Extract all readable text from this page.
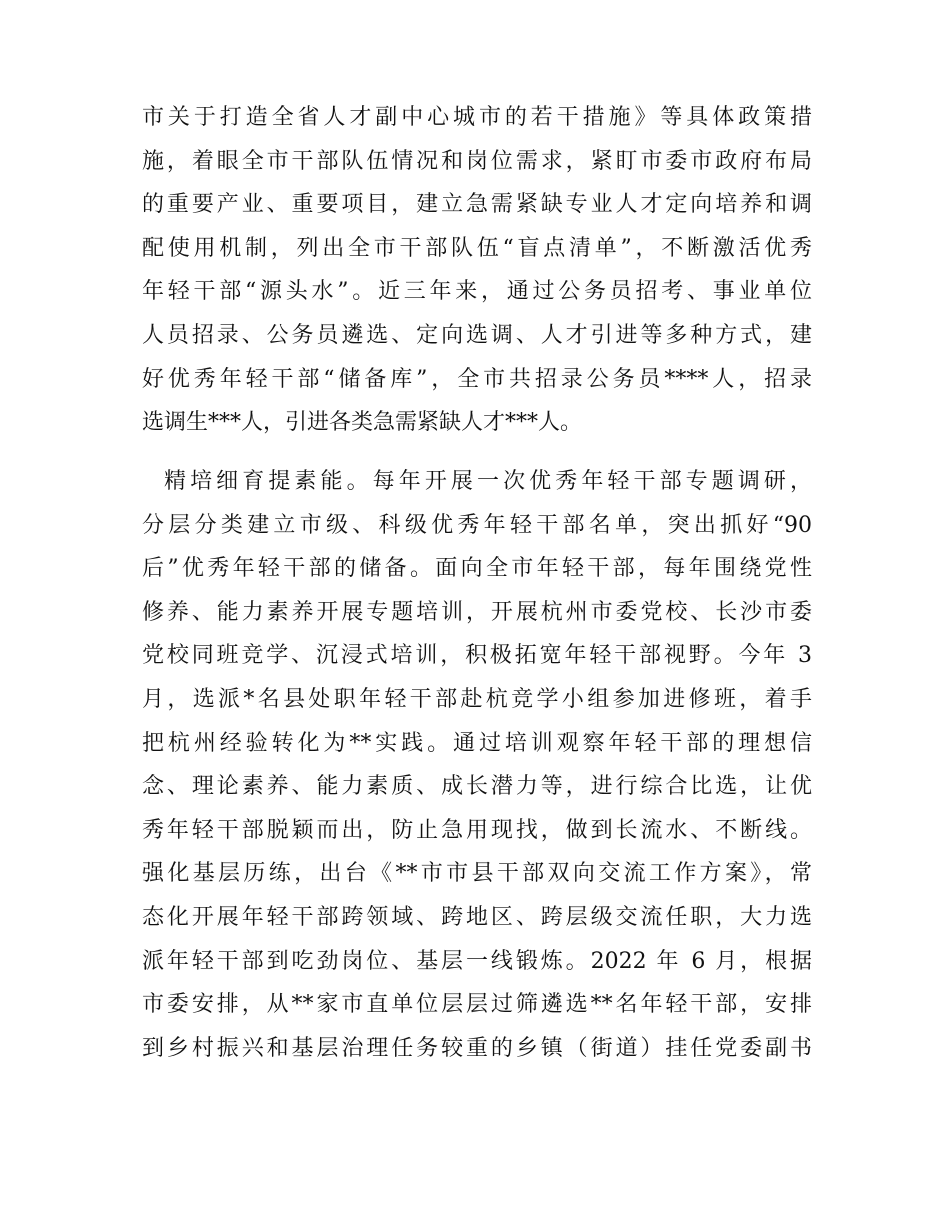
市关于打造全省人才副中心城市的若干措施》等具体政策措
施，着眼全市干部队伍情况和岗位需求，紧盯市委市政府布局
的重要产业、重要项目，建立急需紧缺专业人才定向培养和调
配使用机制，列出全市干部队伍“盲点清单”，不断激活优秀
年轻干部“源头水”。近三年来，通过公务员招考、事业单位
人员招录、公务员遴选、定向选调、人才引进等多种方式，建
好优秀年轻干部“储备库”，全市共招录公务员****人，招录
选调生***人，引进各类急需紧缺人才***人。
精培细育提素能。每年开展一次优秀年轻干部专题调研，
分层分类建立市级、科级优秀年轻干部名单，突出抓好“90
后”优秀年轻干部的储备。面向全市年轻干部，每年围绕党性
修养、能力素养开展专题培训，开展杭州市委党校、长沙市委
党校同班竞学、沉浸式培训，积极拓宽年轻干部视野。今年 3
月，选派*名县处职年轻干部赴杭竞学小组参加进修班，着手
把杭州经验转化为**实践。通过培训观察年轻干部的理想信
念、理论素养、能力素质、成长潜力等，进行综合比选，让优
秀年轻干部脱颖而出，防止急用现找，做到长流水、不断线。
强化基层历练，出台《**市市县干部双向交流工作方案》，常
态化开展年轻干部跨领域、跨地区、跨层级交流任职，大力选
派年轻干部到吃劲岗位、基层一线锻炼。2022 年 6 月，根据
市委安排，从**家市直单位层层过筛遴选**名年轻干部，安排
到乡村振兴和基层治理任务较重的乡镇（街道）挂任党委副书
